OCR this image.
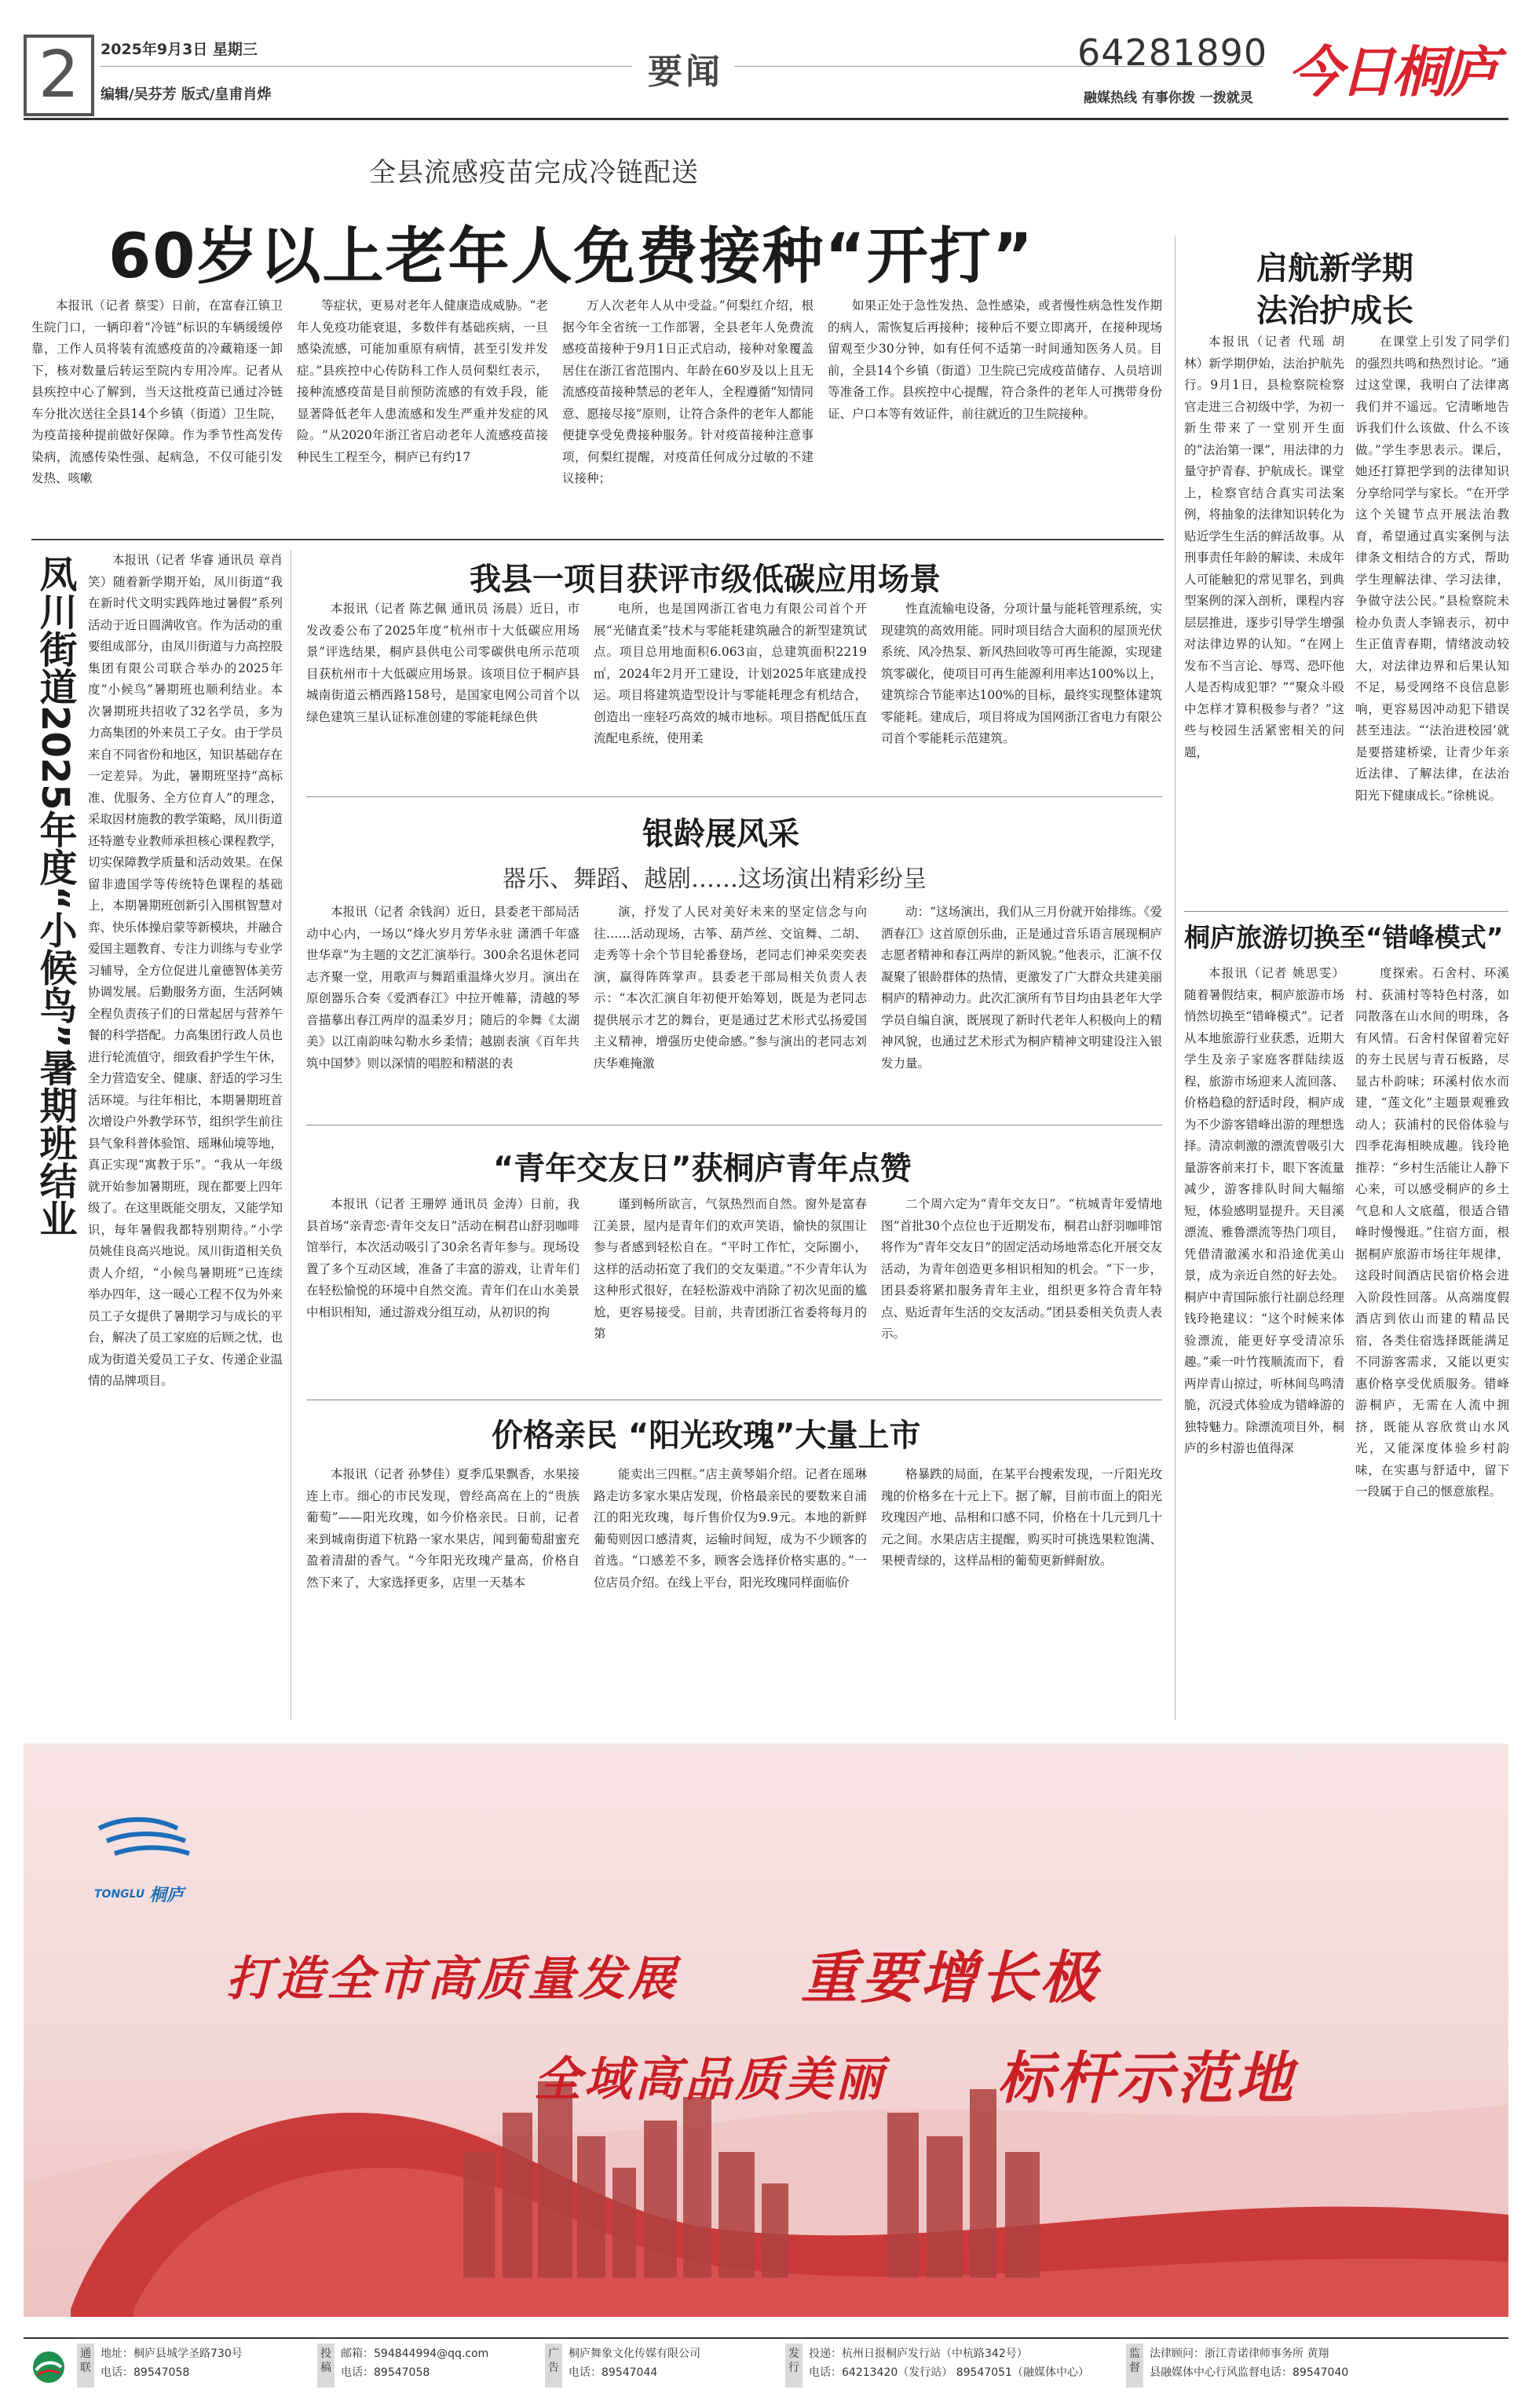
2	2025年9月3日 星期三
编辑/吴芬芳 版式/皇甫肖烨
要闻	64281890
融媒热线 有事你拨 一拨就灵 今日桐庐
全县流感疫苗完成冷链配送
60岁以上老年人免费接种“开打”

本报讯（记者 蔡雯）日前，在富春江镇卫生院门口，一辆印着“冷链”标识的车辆缓缓停靠，工作人员将装有流感疫苗的冷藏箱逐一卸下，核对数量后转运至院内专用冷库。记者从县疾控中心了解到，当天这批疫苗已通过冷链车分批次送往全县14个乡镇（街道）卫生院，为疫苗接种提前做好保障。作为季节性高发传染病，流感传染性强、起病急，不仅可能引发发热、咳嗽

等症状，更易对老年人健康造成威胁。“老年人免疫功能衰退，多数伴有基础疾病，一旦感染流感，可能加重原有病情，甚至引发并发症。”县疾控中心传防科工作人员何梨红表示，接种流感疫苗是目前预防流感的有效手段，能显著降低老年人患流感和发生严重并发症的风险。“从2020年浙江省启动老年人流感疫苗接种民生工程至今，桐庐已有约17

万人次老年人从中受益。”何梨红介绍，根据今年全省统一工作部署，全县老年人免费流感疫苗接种于9月1日正式启动，接种对象覆盖居住在浙江省范围内、年龄在60岁及以上且无流感疫苗接种禁忌的老年人，全程遵循“知情同意、愿接尽接”原则，让符合条件的老年人都能便捷享受免费接种服务。针对疫苗接种注意事项，何梨红提醒，对疫苗任何成分过敏的不建议接种；

如果正处于急性发热、急性感染，或者慢性病急性发作期的病人，需恢复后再接种；接种后不要立即离开，在接种现场留观至少30分钟，如有任何不适第一时间通知医务人员。目前，全县14个乡镇（街道）卫生院已完成疫苗储存、人员培训等准备工作。县疾控中心提醒，符合条件的老年人可携带身份证、户口本等有效证件，前往就近的卫生院接种。

凤川街道2025年度“小候鸟”暑期班结业	本报讯（记者 华睿 通讯员 章肖笑）随着新学期开始，凤川街道“我在新时代文明实践阵地过暑假”系列活动于近日圆满收官。作为活动的重要组成部分，由凤川街道与力高控股集团有限公司联合举办的2025年度“小候鸟”暑期班也顺利结业。本次暑期班共招收了32名学员，多为力高集团的外来员工子女。由于学员来自不同省份和地区，知识基础存在一定差异。为此，暑期班坚持“高标准、优服务、全方位育人”的理念，采取因材施教的教学策略，凤川街道还特邀专业教师承担核心课程教学，切实保障教学质量和活动效果。在保留非遗国学等传统特色课程的基础上，本期暑期班创新引入围棋智慧对弈、快乐体操启蒙等新模块，并融合爱国主题教育、专注力训练与专业学习辅导，全方位促进儿童德智体美劳协调发展。后勤服务方面，生活阿姨全程负责孩子们的日常起居与营养午餐的科学搭配。力高集团行政人员也进行轮流值守，细致看护学生午休，全力营造安全、健康、舒适的学习生活环境。与往年相比，本期暑期班首次增设户外教学环节，组织学生前往县气象科普体验馆、瑶琳仙境等地，真正实现“寓教于乐”。“我从一年级就开始参加暑期班，现在都要上四年级了。在这里既能交朋友，又能学知识，每年暑假我都特别期待。”小学员姚佳良高兴地说。凤川街道相关负责人介绍，“小候鸟暑期班”已连续举办四年，这一暖心工程不仅为外来员工子女提供了暑期学习与成长的平台，解决了员工家庭的后顾之忧，也成为街道关爱员工子女、传递企业温情的品牌项目。

我县一项目获评市级低碳应用场景

本报讯（记者 陈艺佩 通讯员 汤晨）近日，市发改委公布了2025年度“杭州市十大低碳应用场景”评选结果，桐庐县供电公司零碳供电所示范项目获杭州市十大低碳应用场景。该项目位于桐庐县城南街道云栖西路158号，是国家电网公司首个以绿色建筑三星认证标准创建的零能耗绿色供

电所，也是国网浙江省电力有限公司首个开展“光储直柔”技术与零能耗建筑融合的新型建筑试点。项目总用地面积6.063亩，总建筑面积2219㎡，2024年2月开工建设，计划2025年底建成投运。项目将建筑造型设计与零能耗理念有机结合，创造出一座轻巧高效的城市地标。项目搭配低压直流配电系统，使用柔

性直流输电设备，分项计量与能耗管理系统，实现建筑的高效用能。同时项目结合大面积的屋顶光伏系统、风冷热泵、新风热回收等可再生能源，实现建筑零碳化，使项目可再生能源利用率达100%以上，建筑综合节能率达100%的目标，最终实现整体建筑零能耗。建成后，项目将成为国网浙江省电力有限公司首个零能耗示范建筑。

银龄展风采
器乐、舞蹈、越剧……这场演出精彩纷呈

本报讯（记者 余钱润）近日，县委老干部局活动中心内，一场以“烽火岁月芳华永驻 潇洒千年盛世华章”为主题的文艺汇演举行。300余名退休老同志齐聚一堂，用歌声与舞蹈重温烽火岁月。演出在原创器乐合奏《爱洒春江》中拉开帷幕，清越的琴音描摹出春江两岸的温柔岁月；随后的伞舞《太湖美》以江南韵味勾勒水乡柔情；越剧表演《百年共筑中国梦》则以深情的唱腔和精湛的表

演，抒发了人民对美好未来的坚定信念与向往……活动现场，古筝、葫芦丝、交谊舞、二胡、走秀等十余个节目轮番登场，老同志们神采奕奕表演，赢得阵阵掌声。县委老干部局相关负责人表示：“本次汇演自年初便开始筹划，既是为老同志提供展示才艺的舞台，更是通过艺术形式弘扬爱国主义精神，增强历史使命感。”参与演出的老同志刘庆华难掩激

动：“这场演出，我们从三月份就开始排练。《爱洒春江》这首原创乐曲，正是通过音乐语言展现桐庐志愿者精神和春江两岸的新风貌。”他表示，汇演不仅凝聚了银龄群体的热情，更激发了广大群众共建美丽桐庐的精神动力。此次汇演所有节目均由县老年大学学员自编自演，既展现了新时代老年人积极向上的精神风貌，也通过艺术形式为桐庐精神文明建设注入银发力量。

“青年交友日”获桐庐青年点赞

本报讯（记者 王珊婷 通讯员 金涛）日前，我县首场“亲青恋·青年交友日”活动在桐君山舒羽咖啡馆举行，本次活动吸引了30余名青年参与。现场设置了多个互动区域，准备了丰富的游戏，让青年们在轻松愉悦的环境中自然交流。青年们在山水美景中相识相知，通过游戏分组互动，从初识的拘

谨到畅所欲言，气氛热烈而自然。窗外是富春江美景，屋内是青年们的欢声笑语，愉快的氛围让参与者感到轻松自在。“平时工作忙，交际圈小，这样的活动拓宽了我们的交友渠道。”不少青年认为这种形式很好，在轻松游戏中消除了初次见面的尴尬，更容易接受。目前，共青团浙江省委将每月的第

二个周六定为“青年交友日”。“杭城青年爱情地图”首批30个点位也于近期发布，桐君山舒羽咖啡馆将作为“青年交友日”的固定活动场地常态化开展交友活动，为青年创造更多相识相知的机会。“下一步，团县委将紧扣服务青年主业，组织更多符合青年特点、贴近青年生活的交友活动。”团县委相关负责人表示。

价格亲民 “阳光玫瑰”大量上市

本报讯（记者 孙梦佳）夏季瓜果飘香，水果接连上市。细心的市民发现，曾经高高在上的“贵族葡萄”——阳光玫瑰，如今价格亲民。日前，记者来到城南街道下杭路一家水果店，闻到葡萄甜蜜充盈着清甜的香气。“今年阳光玫瑰产量高，价格自然下来了，大家选择更多，店里一天基本

能卖出三四框。”店主黄琴娟介绍。记者在瑶琳路走访多家水果店发现，价格最亲民的要数来自浦江的阳光玫瑰，每斤售价仅为9.9元。本地的新鲜葡萄则因口感清爽，运输时间短，成为不少顾客的首选。“口感差不多，顾客会选择价格实惠的。”一位店员介绍。在线上平台，阳光玫瑰同样面临价

格暴跌的局面，在某平台搜索发现，一斤阳光玫瑰的价格多在十元上下。据了解，目前市面上的阳光玫瑰因产地、品相和口感不同，价格在十几元到几十元之间。水果店店主提醒，购买时可挑选果粒饱满、果梗青绿的，这样品相的葡萄更新鲜耐放。

启航新学期
法治护成长

本报讯（记者 代瑶 胡 林）新学期伊始，法治护航先行。9月1日，县检察院检察官走进三合初级中学，为初一新生带来了一堂别开生面的“法治第一课”，用法律的力量守护青春、护航成长。课堂上，检察官结合真实司法案例，将抽象的法律知识转化为贴近学生生活的鲜活故事。从刑事责任年龄的解读、未成年人可能触犯的常见罪名，到典型案例的深入剖析，课程内容层层推进，逐步引导学生增强对法律边界的认知。“在网上发布不当言论、辱骂、恐吓他人是否构成犯罪？”“聚众斗殴中怎样才算积极参与者？”这些与校园生活紧密相关的问题，

在课堂上引发了同学们的强烈共鸣和热烈讨论。“通过这堂课，我明白了法律离我们并不遥远。它清晰地告诉我们什么该做、什么不该做。”学生李思表示。课后，她还打算把学到的法律知识分享给同学与家长。“在开学这个关键节点开展法治教育，希望通过真实案例与法律条文相结合的方式，帮助学生理解法律、学习法律，争做守法公民。”县检察院未检办负责人李锦表示，初中生正值青春期，情绪波动较大，对法律边界和后果认知不足，易受网络不良信息影响，更容易因冲动犯下错误甚至违法。“‘法治进校园’就是要搭建桥梁，让青少年亲近法律、了解法律，在法治阳光下健康成长。”徐桃说。

桐庐旅游切换至“错峰模式”

本报讯（记者 姚思雯）随着暑假结束，桐庐旅游市场悄然切换至“错峰模式”。记者从本地旅游行业获悉，近期大学生及亲子家庭客群陆续返程，旅游市场迎来人流回落、价格趋稳的舒适时段，桐庐成为不少游客错峰出游的理想选择。清凉刺激的漂流曾吸引大量游客前来打卡，眼下客流量减少，游客排队时间大幅缩短，体验感明显提升。天目溪漂流、雅鲁漂流等热门项目，凭借清澈溪水和沿途优美山景，成为亲近自然的好去处。桐庐中青国际旅行社副总经理钱玲艳建议：“这个时候来体验漂流，能更好享受清凉乐趣。”乘一叶竹筏顺流而下，看两岸青山掠过，听林间鸟鸣清脆，沉浸式体验成为错峰游的独特魅力。除漂流项目外，桐庐的乡村游也值得深

度探索。石舍村、环溪村、荻浦村等特色村落，如同散落在山水间的明珠，各有风情。石舍村保留着完好的夯土民居与青石板路，尽显古朴韵味；环溪村依水而建，“莲文化”主题景观雅致动人；荻浦村的民俗体验与四季花海相映成趣。钱玲艳推荐：“乡村生活能让人静下心来，可以感受桐庐的乡土气息和人文底蕴，很适合错峰时慢慢逛。”住宿方面，根据桐庐旅游市场往年规律，这段时间酒店民宿价格会进入阶段性回落。从高端度假酒店到依山而建的精品民宿，各类住宿选择既能满足不同游客需求，又能以更实惠价格享受优质服务。错峰游桐庐，无需在人流中拥挤，既能从容欣赏山水风光，又能深度体验乡村韵味，在实惠与舒适中，留下一段属于自己的惬意旅程。

TONGLU 桐庐
打造全市高质量发展 重要增长极
全域高品质美丽 标杆示范地
通联
地址：桐庐县城学圣路730号
电话：89547058
投稿
邮箱：594844994@qq.com
电话：89547058
广告
桐庐舞象文化传媒有限公司
电话：89547044
发行
投递：杭州日报桐庐发行站（中杭路342号）
电话：64213420（发行站） 89547051（融媒体中心）
监督
法律顾问：浙江青诺律师事务所 黄翔
县融媒体中心行风监督电话：89547040
